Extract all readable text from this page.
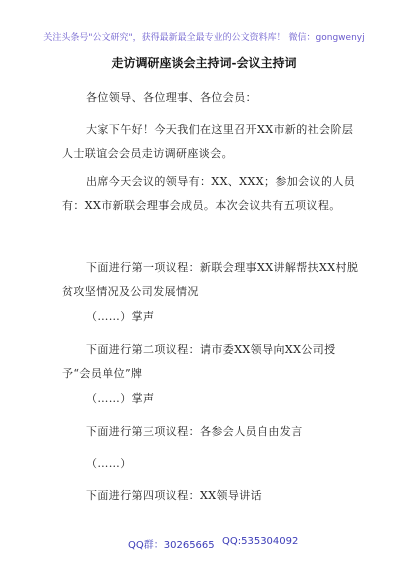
关注头条号"公文研究"，获得最新最全最专业的公文资料库！ 微信：gongwenyj
走访调研座谈会主持词-会议主持词
各位领导、各位理事、各位会员：
大家下午好！今天我们在这里召开XX市新的社会阶层人士联谊会会员走访调研座谈会。
出席今天会议的领导有：XX、XXX；参加会议的人员有：XX市新联会理事会成员。本次会议共有五项议程。
下面进行第一项议程：新联会理事XX讲解帮扶XX村脱贫攻坚情况及公司发展情况
（……）掌声
下面进行第二项议程：请市委XX领导向XX公司授予“会员单位”牌
（……）掌声
下面进行第三项议程：各参会人员自由发言
（……）
下面进行第四项议程：XX领导讲话
QQ群：30265665 QQ:535304092
